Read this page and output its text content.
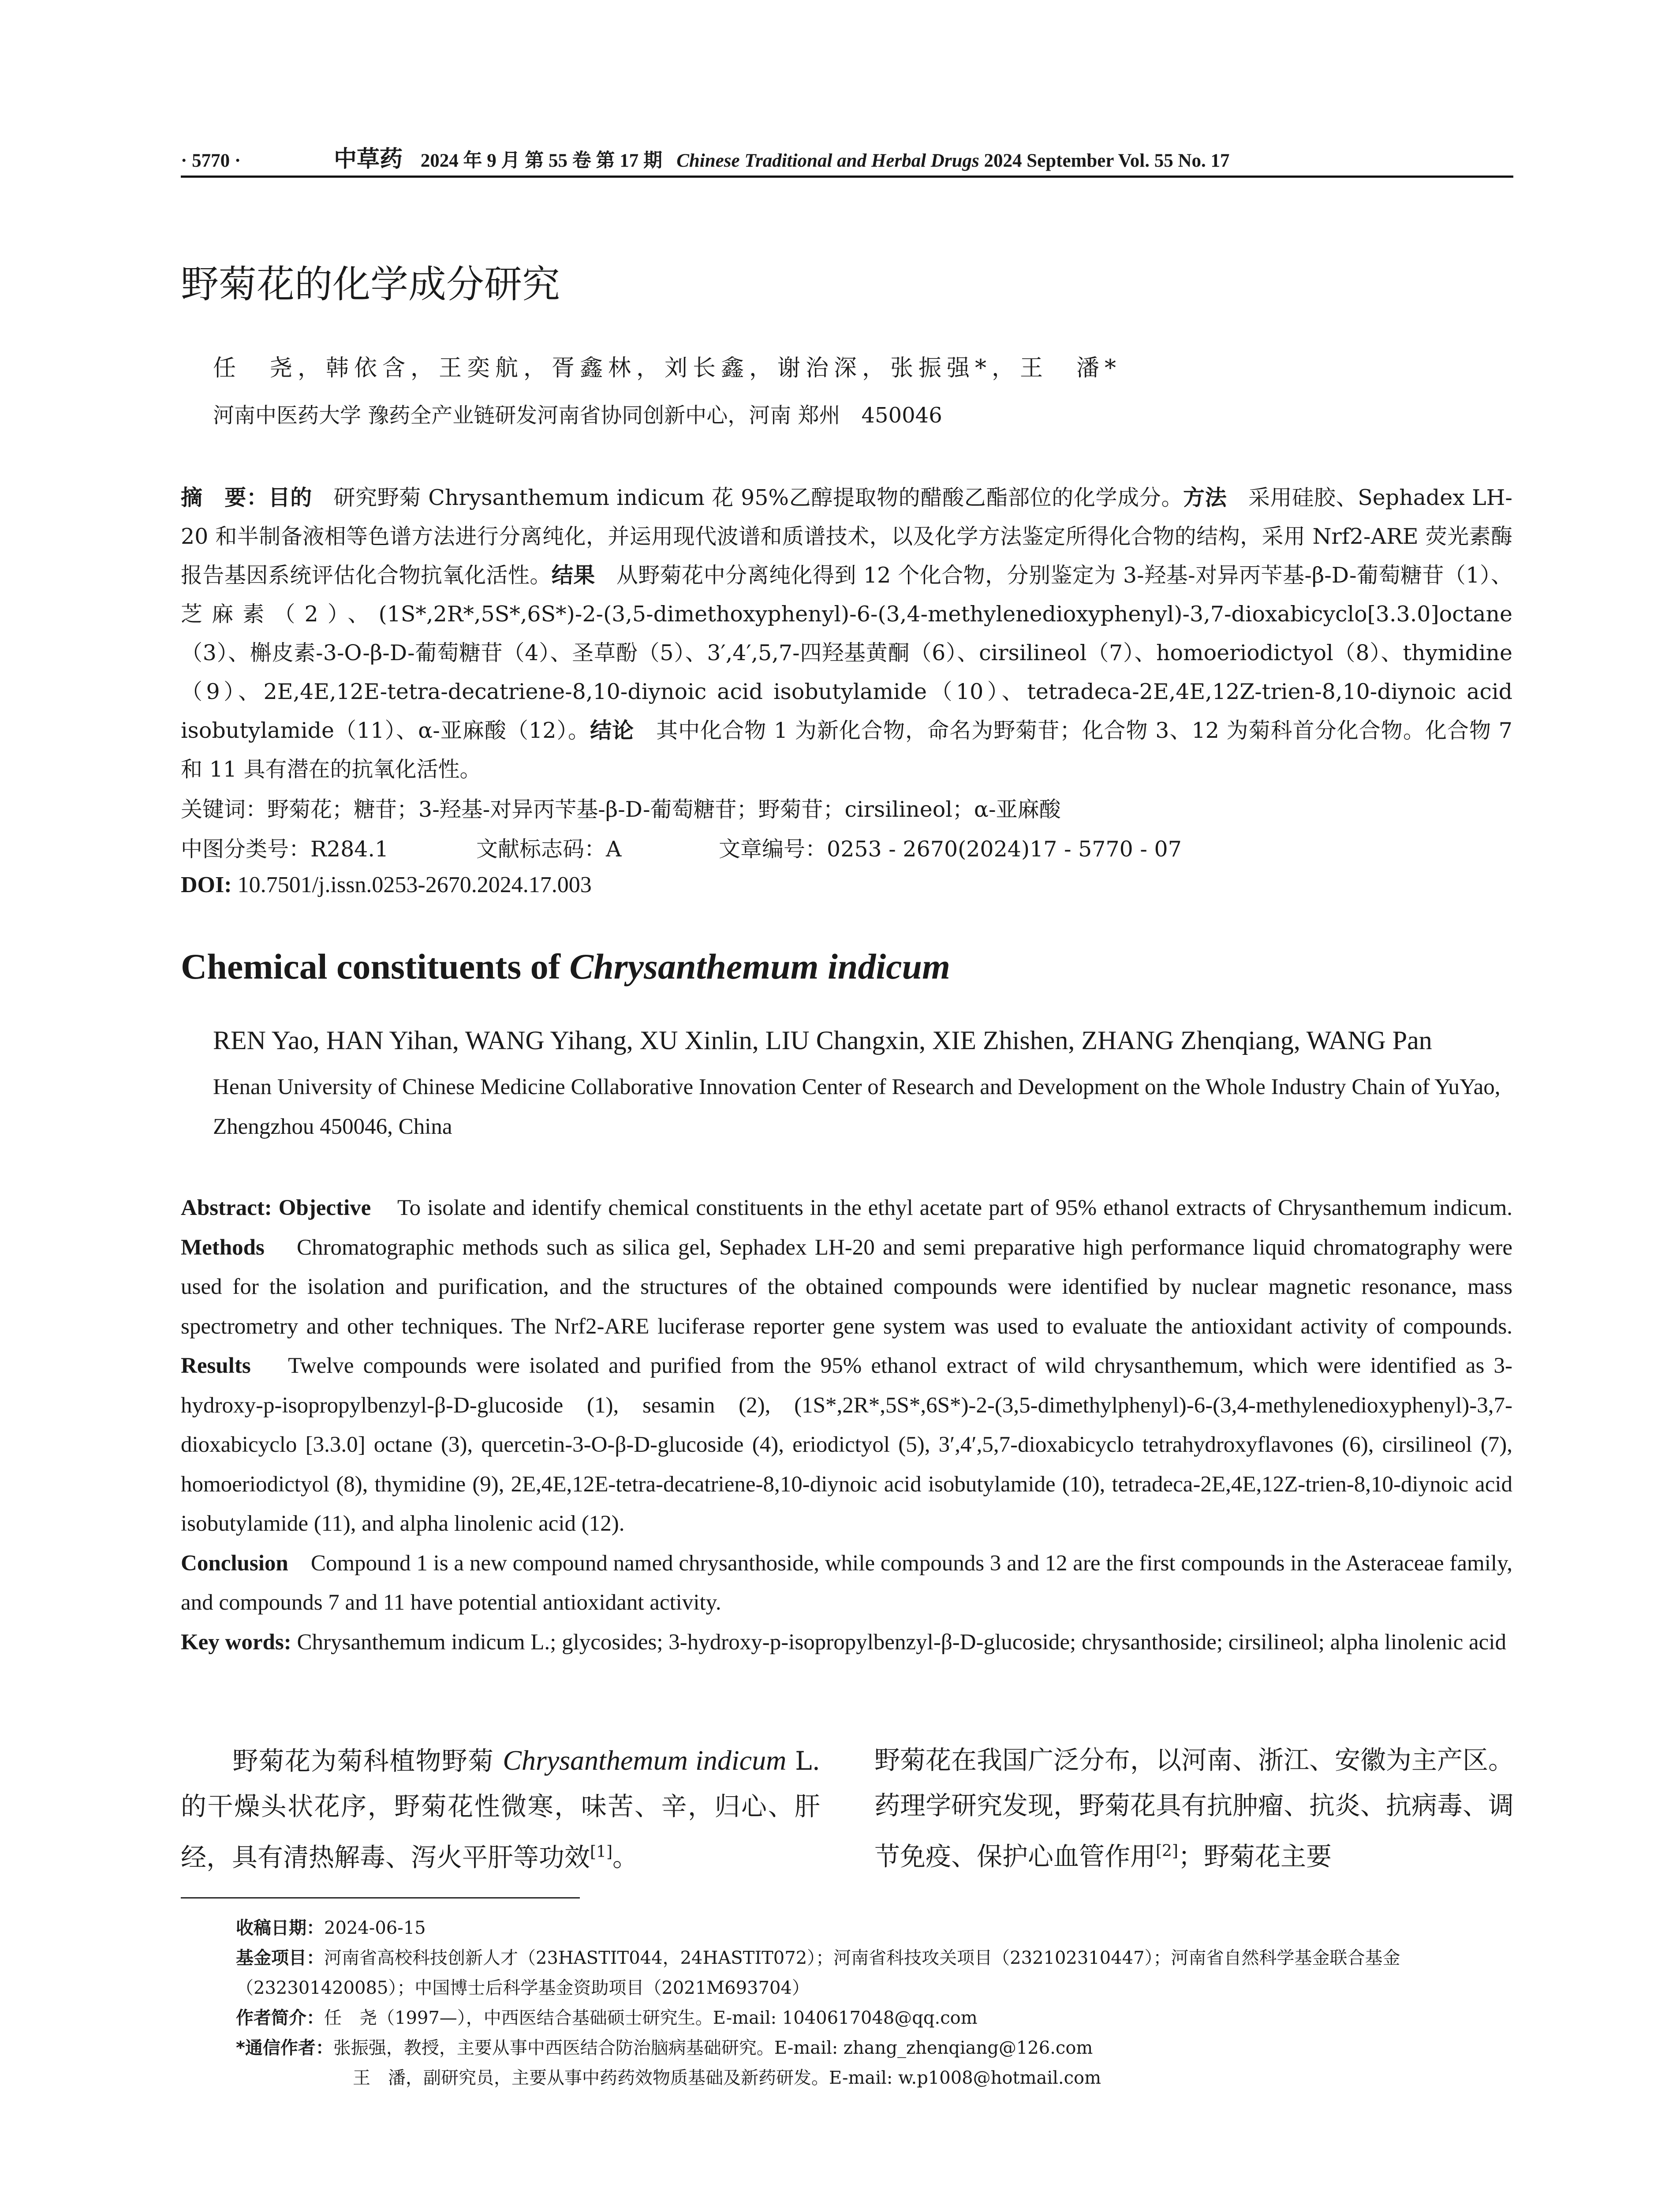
· 5770 ·	中草药 2024 年 9 月 第 55 卷 第 17 期 Chinese Traditional and Herbal Drugs 2024 September Vol. 55 No. 17
野菊花的化学成分研究
任　尧，韩依含，王奕航，胥鑫林，刘长鑫，谢治深，张振强*，王　潘*
河南中医药大学 豫药全产业链研发河南省协同创新中心，河南 郑州　450046
摘　要：目的 研究野菊 Chrysanthemum indicum 花 95%乙醇提取物的醋酸乙酯部位的化学成分。方法 采用硅胶、Sephadex LH-20 和半制备液相等色谱方法进行分离纯化，并运用现代波谱和质谱技术，以及化学方法鉴定所得化合物的结构，采用 Nrf2-ARE 荧光素酶报告基因系统评估化合物抗氧化活性。结果 从野菊花中分离纯化得到 12 个化合物，分别鉴定为 3-羟基-对异丙苄基-β-D-葡萄糖苷（1）、芝麻素（2）、(1S*,2R*,5S*,6S*)-2-(3,5-dimethoxyphenyl)-6-(3,4-methylenedioxyphenyl)-3,7-dioxabicyclo[3.3.0]octane（3）、槲皮素-3-O-β-D-葡萄糖苷（4）、圣草酚（5）、3′,4′,5,7-四羟基黄酮（6）、cirsilineol（7）、homoeriodictyol（8）、thymidine（9）、2E,4E,12E-tetra-decatriene-8,10-diynoic acid isobutylamide（10）、tetradeca-2E,4E,12Z-trien-8,10-diynoic acid isobutylamide（11）、α-亚麻酸（12）。结论 其中化合物 1 为新化合物，命名为野菊苷；化合物 3、12 为菊科首分化合物。化合物 7 和 11 具有潜在的抗氧化活性。
关键词：野菊花；糖苷；3-羟基-对异丙苄基-β-D-葡萄糖苷；野菊苷；cirsilineol；α-亚麻酸
中图分类号：R284.1	文献标志码：A	文章编号：0253 - 2670(2024)17 - 5770 - 07
DOI: 10.7501/j.issn.0253-2670.2024.17.003
Chemical constituents of Chrysanthemum indicum
REN Yao, HAN Yihan, WANG Yihang, XU Xinlin, LIU Changxin, XIE Zhishen, ZHANG Zhenqiang, WANG Pan
Henan University of Chinese Medicine Collaborative Innovation Center of Research and Development on the Whole Industry Chain of YuYao, Zhengzhou 450046, China
Abstract: Objective To isolate and identify chemical constituents in the ethyl acetate part of 95% ethanol extracts of Chrysanthemum indicum. Methods Chromatographic methods such as silica gel, Sephadex LH-20 and semi preparative high performance liquid chromatography were used for the isolation and purification, and the structures of the obtained compounds were identified by nuclear magnetic resonance, mass spectrometry and other techniques. The Nrf2-ARE luciferase reporter gene system was used to evaluate the antioxidant activity of compounds. Results Twelve compounds were isolated and purified from the 95% ethanol extract of wild chrysanthemum, which were identified as 3-hydroxy-p-isopropylbenzyl-β-D-glucoside (1), sesamin (2), (1S*,2R*,5S*,6S*)-2-(3,5-dimethylphenyl)-6-(3,4-methylenedioxyphenyl)-3,7-dioxabicyclo [3.3.0] octane (3), quercetin-3-O-β-D-glucoside (4), eriodictyol (5), 3′,4′,5,7-dioxabicyclo tetrahydroxyflavones (6), cirsilineol (7), homoeriodictyol (8), thymidine (9), 2E,4E,12E-tetra-decatriene-8,10-diynoic acid isobutylamide (10), tetradeca-2E,4E,12Z-trien-8,10-diynoic acid isobutylamide (11), and alpha linolenic acid (12).
Conclusion Compound 1 is a new compound named chrysanthoside, while compounds 3 and 12 are the first compounds in the Asteraceae family, and compounds 7 and 11 have potential antioxidant activity.
Key words: Chrysanthemum indicum L.; glycosides; 3-hydroxy-p-isopropylbenzyl-β-D-glucoside; chrysanthoside; cirsilineol; alpha linolenic acid
  野菊花为菊科植物野菊 Chrysanthemum indicum L. 的干燥头状花序，野菊花性微寒，味苦、辛，归心、肝经，具有清热解毒、泻火平肝等功效[1]。
野菊花在我国广泛分布，以河南、浙江、安徽为主产区。药理学研究发现，野菊花具有抗肿瘤、抗炎、抗病毒、调节免疫、保护心血管作用[2]；野菊花主要
收稿日期：2024-06-15
基金项目：河南省高校科技创新人才（23HASTIT044，24HASTIT072）；河南省科技攻关项目（232102310447）；河南省自然科学基金联合基金（232301420085）；中国博士后科学基金资助项目（2021M693704）
作者简介：任　尧（1997—），中西医结合基础硕士研究生。E-mail: 1040617048@qq.com
*通信作者：张振强，教授，主要从事中西医结合防治脑病基础研究。E-mail: zhang_zhenqiang@126.com
王　潘，副研究员，主要从事中药药效物质基础及新药研发。E-mail: w.p1008@hotmail.com
